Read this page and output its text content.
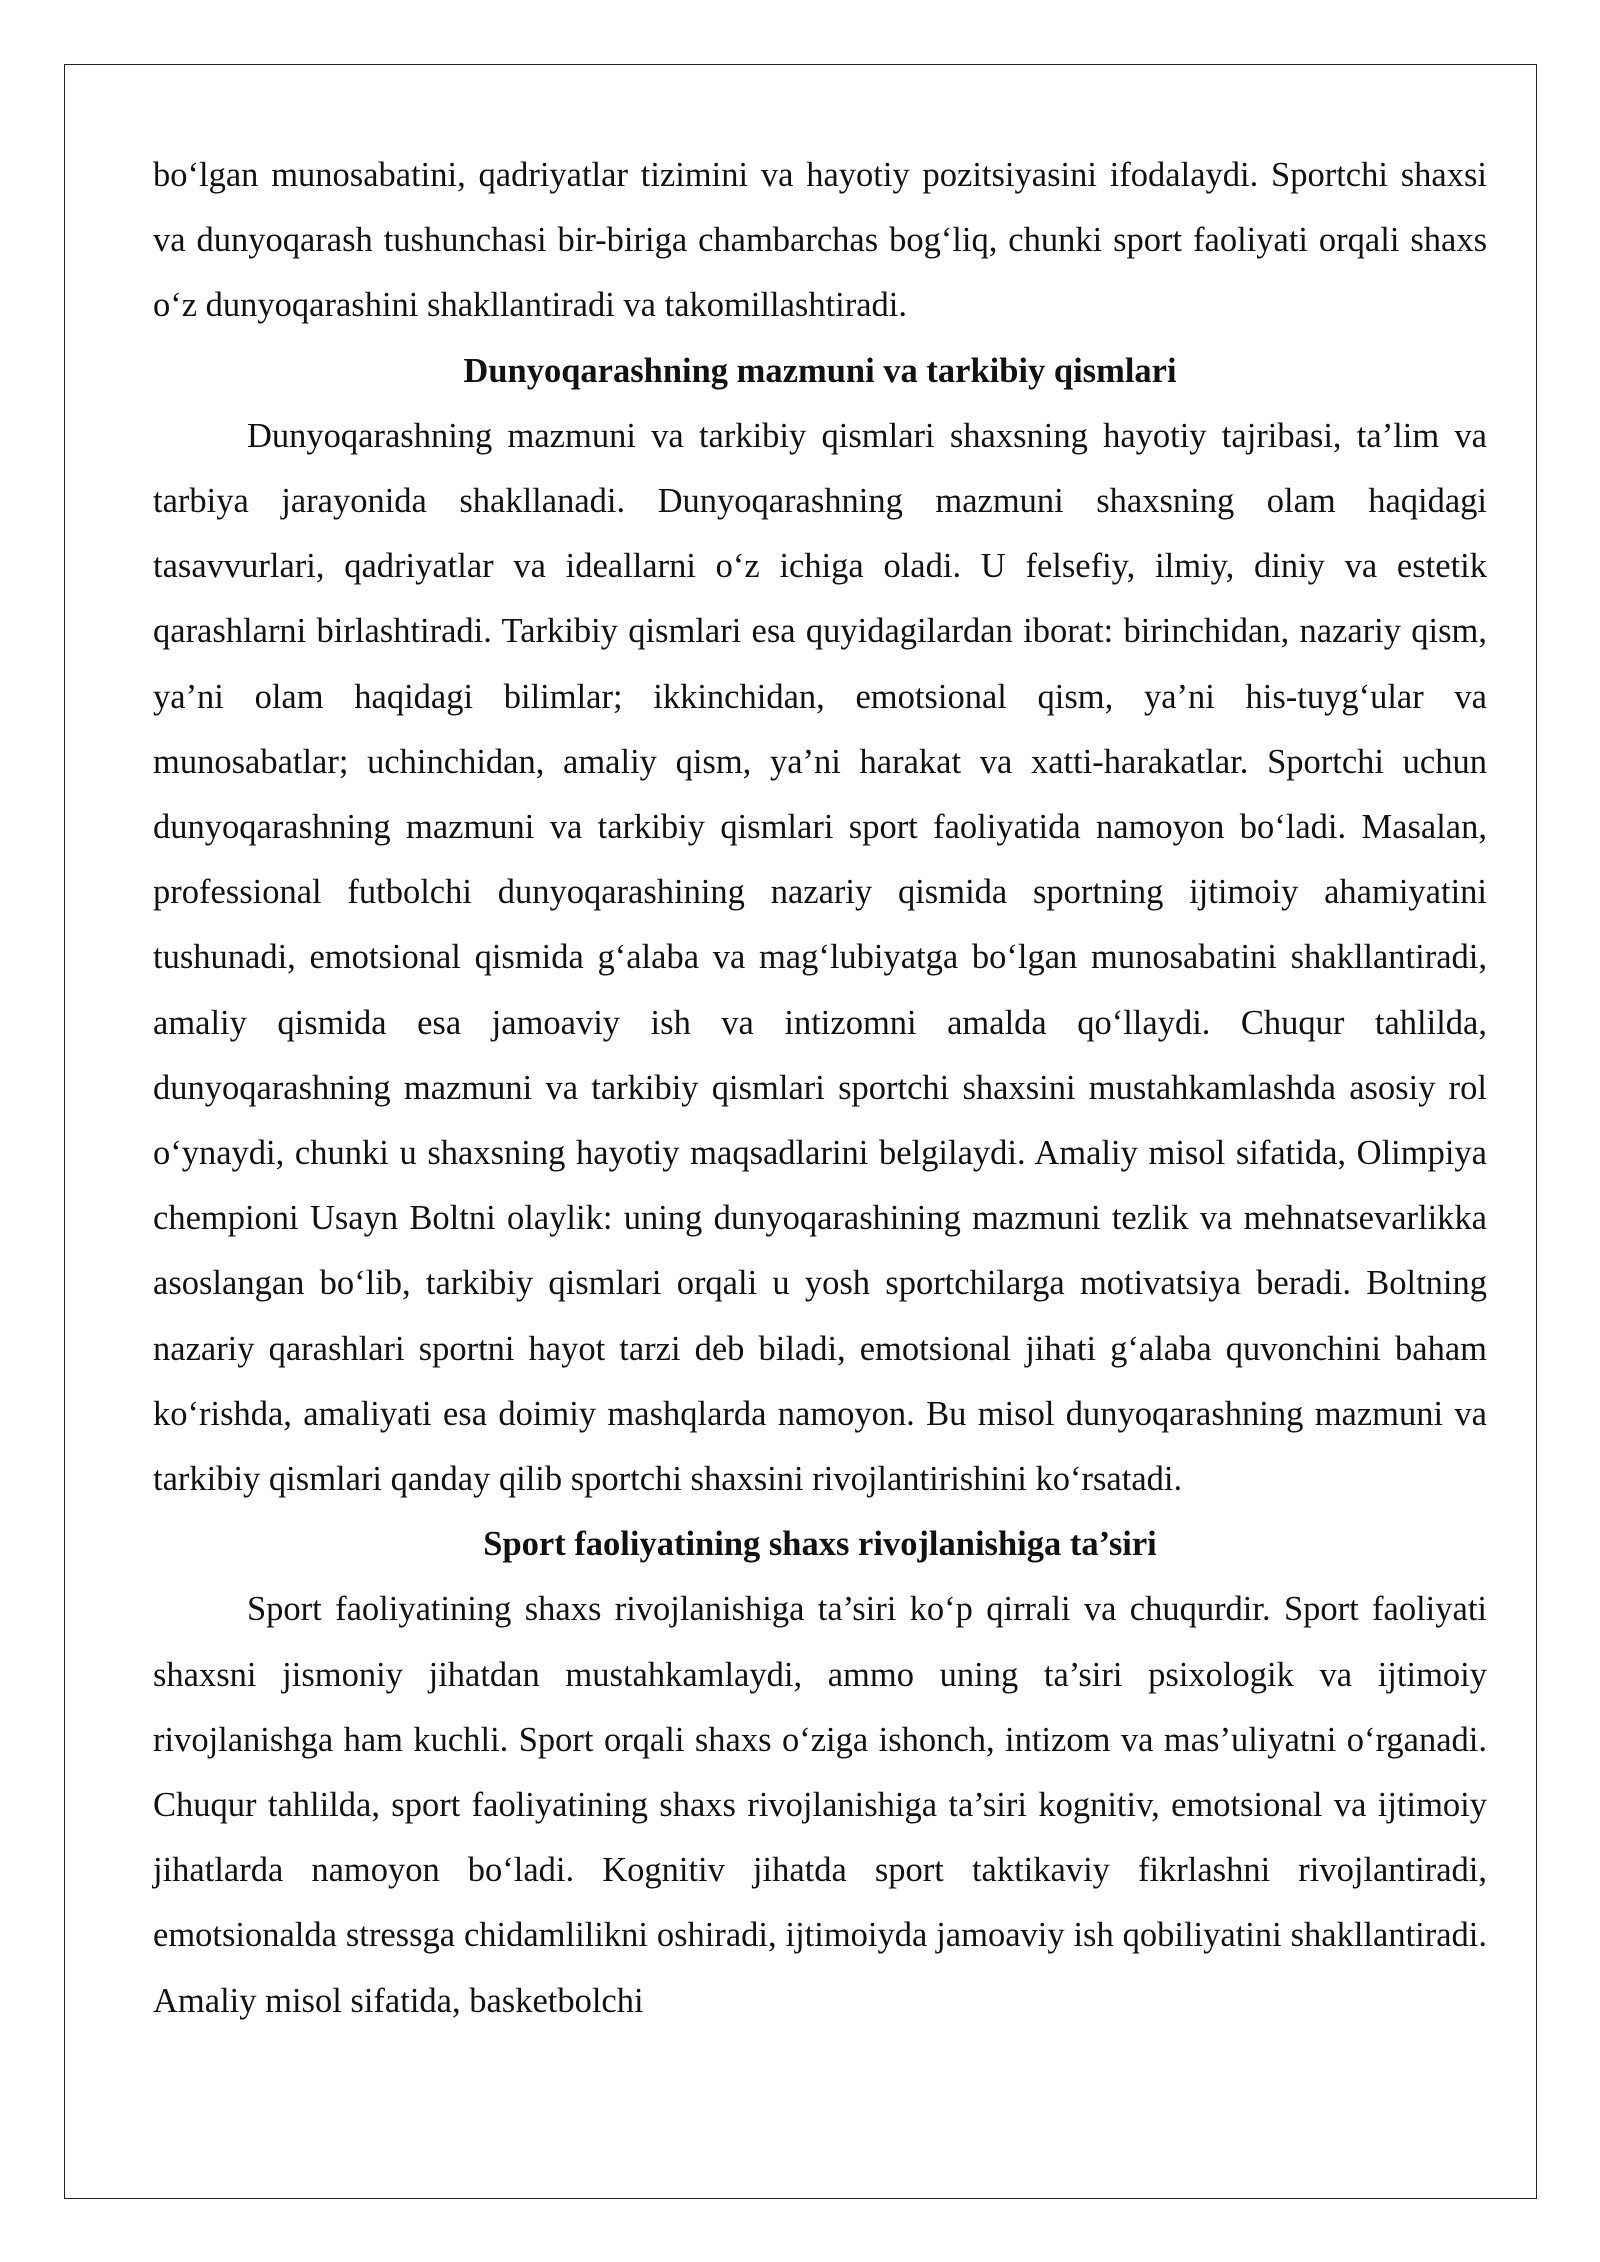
bo‘lgan munosabatini, qadriyatlar tizimini va hayotiy pozitsiyasini ifodalaydi. Sportchi shaxsi va dunyoqarash tushunchasi bir-biriga chambarchas bog‘liq, chunki sport faoliyati orqali shaxs o‘z dunyoqarashini shakllantiradi va takomillashtiradi.

Dunyoqarashning mazmuni va tarkibiy qismlari

Dunyoqarashning mazmuni va tarkibiy qismlari shaxsning hayotiy tajribasi, ta’lim va tarbiya jarayonida shakllanadi. Dunyoqarashning mazmuni shaxsning olam haqidagi tasavvurlari, qadriyatlar va ideallarni o‘z ichiga oladi. U felsefiy, ilmiy, diniy va estetik qarashlarni birlashtiradi. Tarkibiy qismlari esa quyidagilardan iborat: birinchidan, nazariy qism, ya’ni olam haqidagi bilimlar; ikkinchidan, emotsional qism, ya’ni his-tuyg‘ular va munosabatlar; uchinchidan, amaliy qism, ya’ni harakat va xatti-harakatlar. Sportchi uchun dunyoqarashning mazmuni va tarkibiy qismlari sport faoliyatida namoyon bo‘ladi. Masalan, professional futbolchi dunyoqarashining nazariy qismida sportning ijtimoiy ahamiyatini tushunadi, emotsional qismida g‘alaba va mag‘lubiyatga bo‘lgan munosabatini shakllantiradi, amaliy qismida esa jamoaviy ish va intizomni amalda qo‘llaydi. Chuqur tahlilda, dunyoqarashning mazmuni va tarkibiy qismlari sportchi shaxsini mustahkamlashda asosiy rol o‘ynaydi, chunki u shaxsning hayotiy maqsadlarini belgilaydi. Amaliy misol sifatida, Olimpiya chempioni Usayn Boltni olaylik: uning dunyoqarashining mazmuni tezlik va mehnatsevarlikka asoslangan bo‘lib, tarkibiy qismlari orqali u yosh sportchilarga motivatsiya beradi. Boltning nazariy qarashlari sportni hayot tarzi deb biladi, emotsional jihati g‘alaba quvonchini baham ko‘rishda, amaliyati esa doimiy mashqlarda namoyon. Bu misol dunyoqarashning mazmuni va tarkibiy qismlari qanday qilib sportchi shaxsini rivojlantirishini ko‘rsatadi.

Sport faoliyatining shaxs rivojlanishiga ta’siri

Sport faoliyatining shaxs rivojlanishiga ta’siri ko‘p qirrali va chuqurdir. Sport faoliyati shaxsni jismoniy jihatdan mustahkamlaydi, ammo uning ta’siri psixologik va ijtimoiy rivojlanishga ham kuchli. Sport orqali shaxs o‘ziga ishonch, intizom va mas’uliyatni o‘rganadi. Chuqur tahlilda, sport faoliyatining shaxs rivojlanishiga ta’siri kognitiv, emotsional va ijtimoiy jihatlarda namoyon bo‘ladi. Kognitiv jihatda sport taktikaviy fikrlashni rivojlantiradi, emotsionalda stressga chidamlilikni oshiradi, ijtimoiyda jamoaviy ish qobiliyatini shakllantiradi. Amaliy misol sifatida, basketbolchi
